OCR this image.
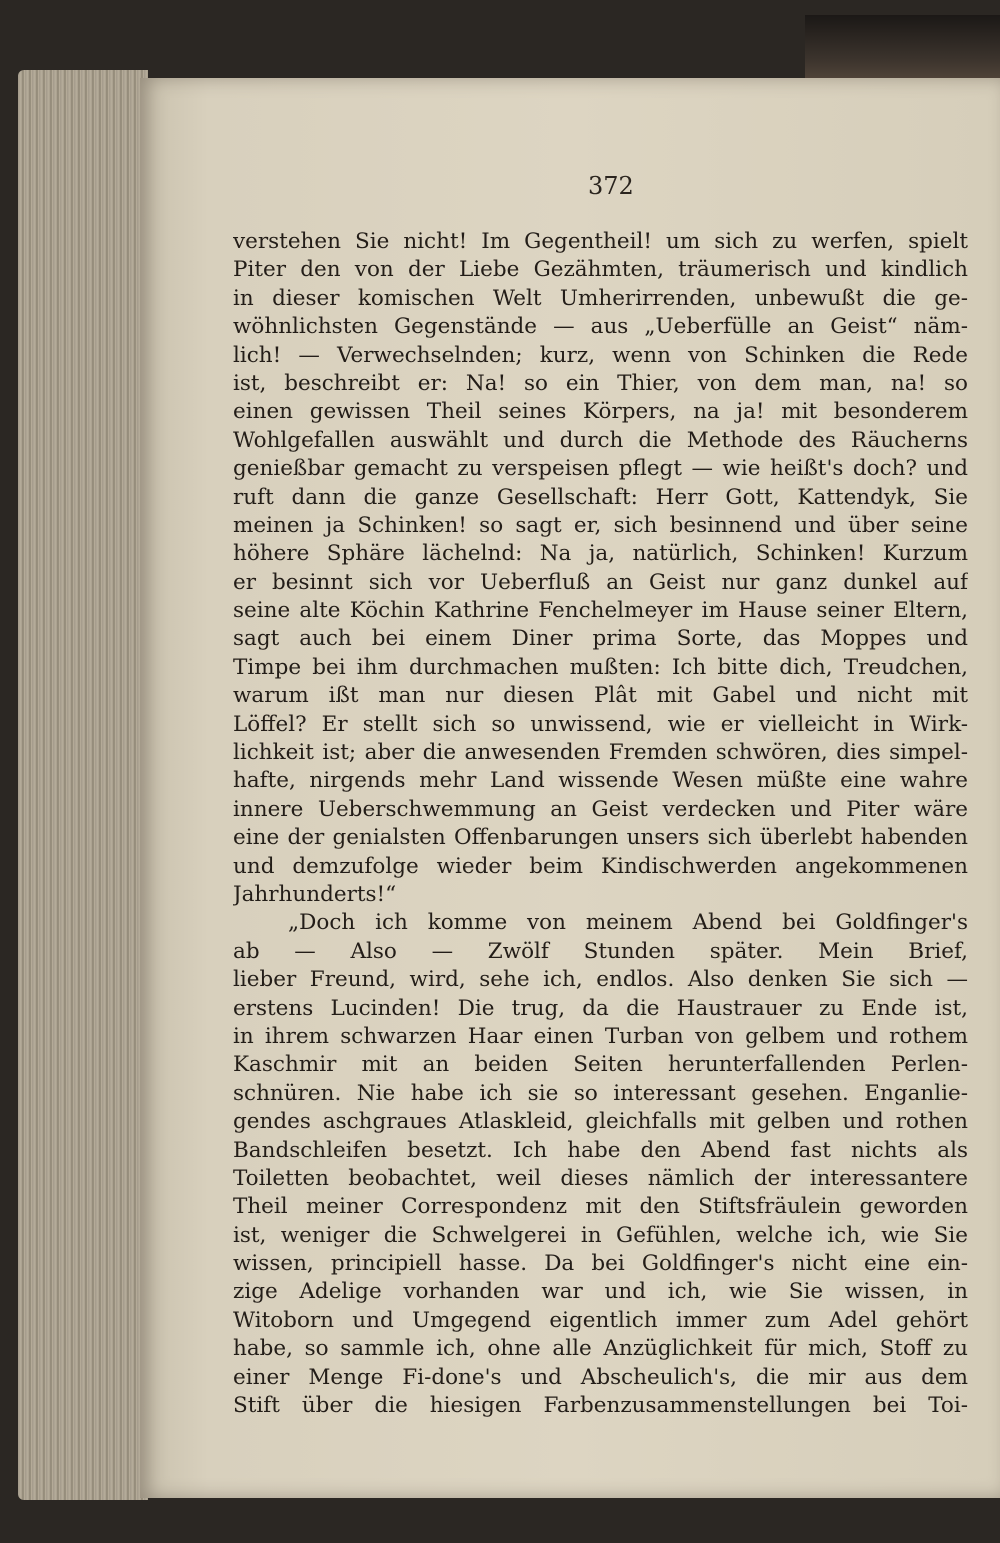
372
verstehen Sie nicht! Im Gegentheil! um sich zu werfen, spielt
Piter den von der Liebe Gezähmten, träumerisch und kindlich
in dieser komischen Welt Umherirrenden, unbewußt die ge-
wöhnlichsten Gegenstände — aus „Ueberfülle an Geist“ näm-
lich! — Verwechselnden; kurz, wenn von Schinken die Rede
ist, beschreibt er: Na! so ein Thier, von dem man, na! so
einen gewissen Theil seines Körpers, na ja! mit besonderem
Wohlgefallen auswählt und durch die Methode des Räucherns
genießbar gemacht zu verspeisen pflegt — wie heißt's doch? und
ruft dann die ganze Gesellschaft: Herr Gott, Kattendyk, Sie
meinen ja Schinken! so sagt er, sich besinnend und über seine
höhere Sphäre lächelnd: Na ja, natürlich, Schinken! Kurzum
er besinnt sich vor Ueberfluß an Geist nur ganz dunkel auf
seine alte Köchin Kathrine Fenchelmeyer im Hause seiner Eltern,
sagt auch bei einem Diner prima Sorte, das Moppes und
Timpe bei ihm durchmachen mußten: Ich bitte dich, Treudchen,
warum ißt man nur diesen Plât mit Gabel und nicht mit
Löffel? Er stellt sich so unwissend, wie er vielleicht in Wirk-
lichkeit ist; aber die anwesenden Fremden schwören, dies simpel-
hafte, nirgends mehr Land wissende Wesen müßte eine wahre
innere Ueberschwemmung an Geist verdecken und Piter wäre
eine der genialsten Offenbarungen unsers sich überlebt habenden
und demzufolge wieder beim Kindischwerden angekommenen
Jahrhunderts!“
„Doch ich komme von meinem Abend bei Goldfinger's
ab — Also — Zwölf Stunden später. Mein Brief,
lieber Freund, wird, sehe ich, endlos. Also denken Sie sich —
erstens Lucinden! Die trug, da die Haustrauer zu Ende ist,
in ihrem schwarzen Haar einen Turban von gelbem und rothem
Kaschmir mit an beiden Seiten herunterfallenden Perlen-
schnüren. Nie habe ich sie so interessant gesehen. Enganlie-
gendes aschgraues Atlaskleid, gleichfalls mit gelben und rothen
Bandschleifen besetzt. Ich habe den Abend fast nichts als
Toiletten beobachtet, weil dieses nämlich der interessantere
Theil meiner Correspondenz mit den Stiftsfräulein geworden
ist, weniger die Schwelgerei in Gefühlen, welche ich, wie Sie
wissen, principiell hasse. Da bei Goldfinger's nicht eine ein-
zige Adelige vorhanden war und ich, wie Sie wissen, in
Witoborn und Umgegend eigentlich immer zum Adel gehört
habe, so sammle ich, ohne alle Anzüglichkeit für mich, Stoff zu
einer Menge Fi-done's und Abscheulich's, die mir aus dem
Stift über die hiesigen Farbenzusammenstellungen bei Toi-
